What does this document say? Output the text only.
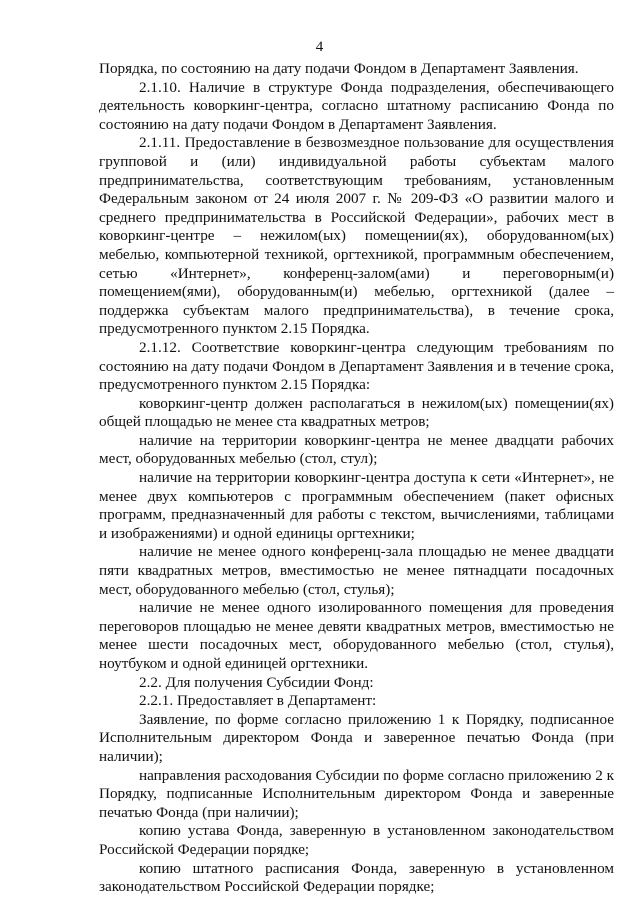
4

Порядка, по состоянию на дату подачи Фондом в Департамент Заявления.

2.1.10. Наличие в структуре Фонда подразделения, обеспечивающего деятельность коворкинг-центра, согласно штатному расписанию Фонда по состоянию на дату подачи Фондом в Департамент Заявления.

2.1.11. Предоставление в безвозмездное пользование для осуществления групповой и (или) индивидуальной работы субъектам малого предпринимательства, соответствующим требованиям, установленным Федеральным законом от 24 июля 2007 г. № 209-ФЗ «О развитии малого и среднего предпринимательства в Российской Федерации», рабочих мест в коворкинг-центре – нежилом(ых) помещении(ях), оборудованном(ых) мебелью, компьютерной техникой, оргтехникой, программным обеспечением, сетью «Интернет», конференц-залом(ами) и переговорным(и) помещением(ями), оборудованным(и) мебелью, оргтехникой (далее – поддержка субъектам малого предпринимательства), в течение срока, предусмотренного пунктом 2.15 Порядка.

2.1.12. Соответствие коворкинг-центра следующим требованиям по состоянию на дату подачи Фондом в Департамент Заявления и в течение срока, предусмотренного пунктом 2.15 Порядка:

коворкинг-центр должен располагаться в нежилом(ых) помещении(ях) общей площадью не менее ста квадратных метров;

наличие на территории коворкинг-центра не менее двадцати рабочих мест, оборудованных мебелью (стол, стул);

наличие на территории коворкинг-центра доступа к сети «Интернет», не менее двух компьютеров с программным обеспечением (пакет офисных программ, предназначенный для работы с текстом, вычислениями, таблицами и изображениями) и одной единицы оргтехники;

наличие не менее одного конференц-зала площадью не менее двадцати пяти квадратных метров, вместимостью не менее пятнадцати посадочных мест, оборудованного мебелью (стол, стулья);

наличие не менее одного изолированного помещения для проведения переговоров площадью не менее девяти квадратных метров, вместимостью не менее шести посадочных мест, оборудованного мебелью (стол, стулья), ноутбуком и одной единицей оргтехники.

2.2. Для получения Субсидии Фонд:

2.2.1. Предоставляет в Департамент:

Заявление, по форме согласно приложению 1 к Порядку, подписанное Исполнительным директором Фонда и заверенное печатью Фонда (при наличии);

направления расходования Субсидии по форме согласно приложению 2 к Порядку, подписанные Исполнительным директором Фонда и заверенные печатью Фонда (при наличии);

копию устава Фонда, заверенную в установленном законодательством Российской Федерации порядке;

копию штатного расписания Фонда, заверенную в установленном законодательством Российской Федерации порядке;
